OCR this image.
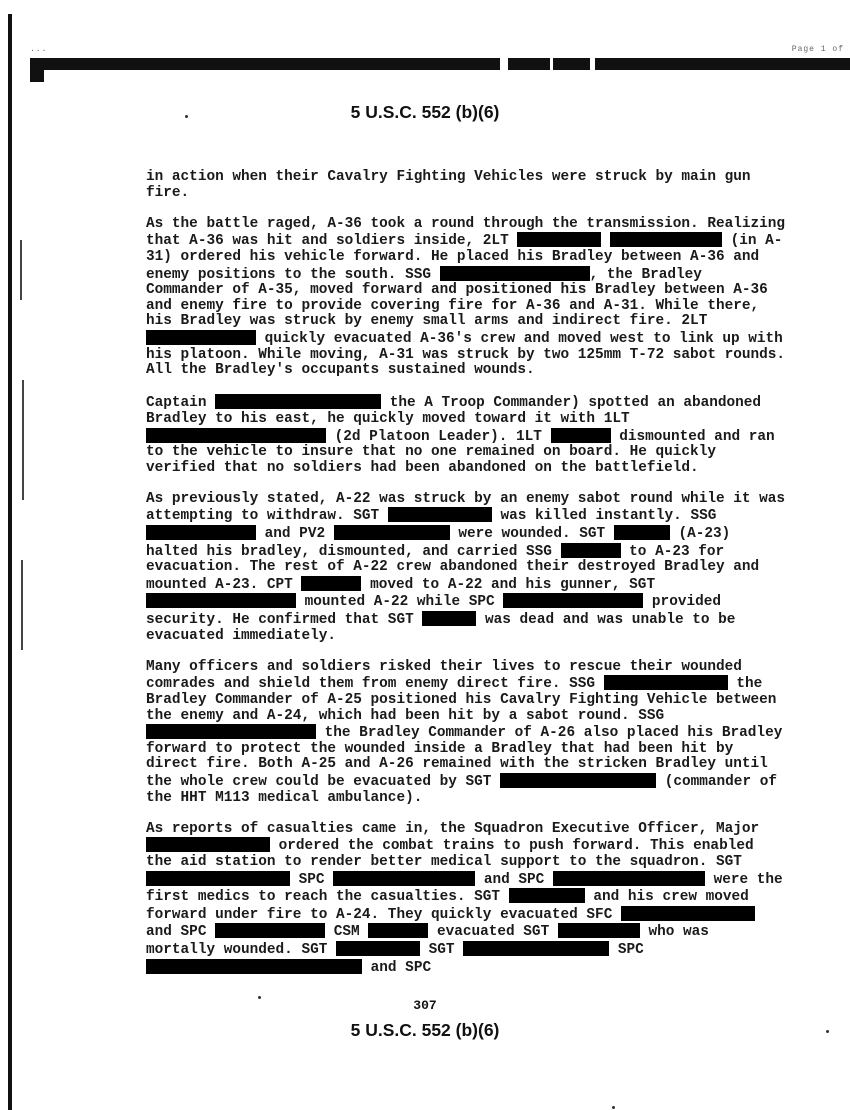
...	Page 1 of
5 U.S.C. 552 (b)(6)

in action when their Cavalry Fighting Vehicles were struck by main gun fire.

As the battle raged, A-36 took a round through the transmission. Realizing that A-36 was hit and soldiers inside, 2LT	(in A-31) ordered his vehicle forward. He placed his Bradley between A-36 and enemy positions to the south. SSG	, the Bradley Commander of A-35, moved forward and positioned his Bradley between A-36 and enemy fire to provide covering fire for A-36 and A-31. While there, his Bradley was struck by enemy small arms and indirect fire. 2LT  quickly evacuated A-36's crew and moved west to link up with his platoon. While moving, A-31 was struck by two 125mm T-72 sabot rounds. All the Bradley's occupants sustained wounds.

Captain	the A Troop Commander) spotted an abandoned Bradley to his east, he quickly moved toward it with 1LT  (2d Platoon Leader). 1LT	dismounted and ran to the vehicle to insure that no one remained on board. He quickly verified that no soldiers had been abandoned on the battlefield.

As previously stated, A-22 was struck by an enemy sabot round while it was attempting to withdraw. SGT	was killed instantly. SSG  and PV2	were wounded. SGT	(A-23) halted his bradley, dismounted, and carried SSG	to A-23 for evacuation. The rest of A-22 crew abandoned their destroyed Bradley and mounted A-23. CPT	moved to A-22 and his gunner, SGT  mounted A-22 while SPC	provided security. He confirmed that SGT	was dead and was unable to be evacuated immediately.

Many officers and soldiers risked their lives to rescue their wounded comrades and shield them from enemy direct fire. SSG	the Bradley Commander of A-25 positioned his Cavalry Fighting Vehicle between the enemy and A-24, which had been hit by a sabot round. SSG  the Bradley Commander of A-26 also placed his Bradley forward to protect the wounded inside a Bradley that had been hit by direct fire. Both A-25 and A-26 remained with the stricken Bradley until the whole crew could be evacuated by SGT	(commander of the HHT M113 medical ambulance).

As reports of casualties came in, the Squadron Executive Officer, Major  ordered the combat trains to push forward. This enabled the aid station to render better medical support to the squadron. SGT  SPC	and SPC	were the first medics to reach the casualties. SGT	and his crew moved forward under fire to A-24. They quickly evacuated SFC  and SPC	CSM	evacuated SGT	who was mortally wounded. SGT	SGT	SPC  and SPC

307
5 U.S.C. 552 (b)(6)
